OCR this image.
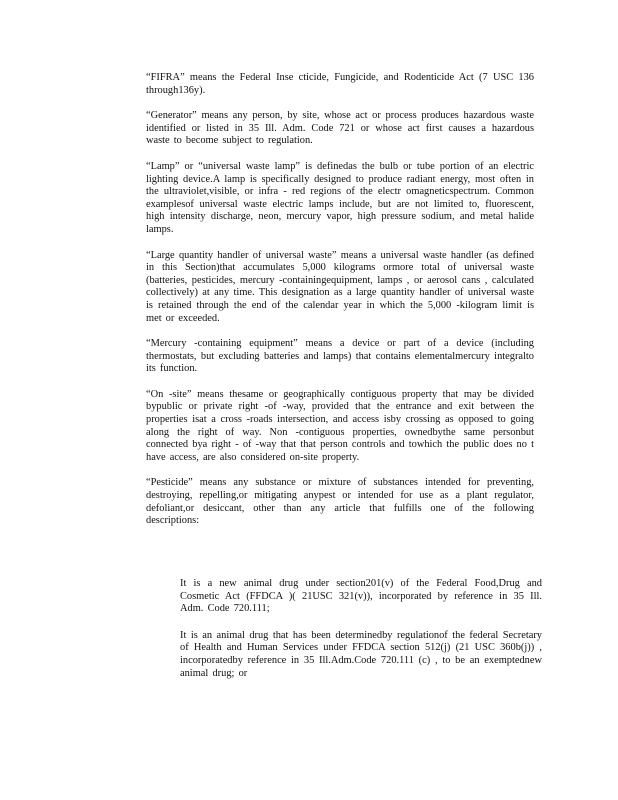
“FIFRA” means the Federal Inse cticide, Fungicide, and Rodenticide Act (7 USC 136 through136y).

“Generator” means any person, by site, whose act or process produces hazardous waste identified or listed in 35 Ill. Adm. Code 721 or whose act first causes a hazardous waste to become subject to regulation.

“Lamp” or “universal waste lamp” is definedas the bulb or tube portion of an electric lighting device.A lamp is specifically designed to produce radiant energy, most often in the ultraviolet,visible, or infra - red regions of the electr omagneticspectrum. Common examplesof universal waste electric lamps include, but are not limited to, fluorescent, high intensity discharge, neon, mercury vapor, high pressure sodium, and metal halide lamps.

“Large quantity handler of universal waste” means a universal waste handler (as defined in this Section)that accumulates 5,000 kilograms ormore total of universal waste (batteries, pesticides, mercury -containingequipment, lamps , or aerosol cans , calculated collectively) at any time. This designation as a large quantity handler of universal waste is retained through the end of the calendar year in which the 5,000 -kilogram limit is met or exceeded.

“Mercury -containing equipment” means a device or part of a device (including thermostats, but excluding batteries and lamps) that contains elementalmercury integralto its function.

“On -site” means thesame or geographically contiguous property that may be divided bypublic or private right -of -way, provided that the entrance and exit between the properties isat a cross -roads intersection, and access isby crossing as opposed to going along the right of way. Non -contiguous properties, ownedbythe same personbut connected bya right - of -way that that person controls and towhich the public does no t have access, are also considered on-site property.

“Pesticide” means any substance or mixture of substances intended for preventing, destroying, repelling,or mitigating anypest or intended for use as a plant regulator, defoliant,or desiccant, other than any article that fulfills one of the following descriptions:

It is a new animal drug under section201(v) of the Federal Food,Drug and Cosmetic Act (FFDCA )( 21USC 321(v)), incorporated by reference in 35 Ill. Adm. Code 720.111;

It is an animal drug that has been determinedby regulationof the federal Secretary of Health and Human Services under FFDCA section 512(j) (21 USC 360b(j)) , incorporatedby reference in 35 Ill.Adm.Code 720.111 (c) , to be an exemptednew animal drug; or
